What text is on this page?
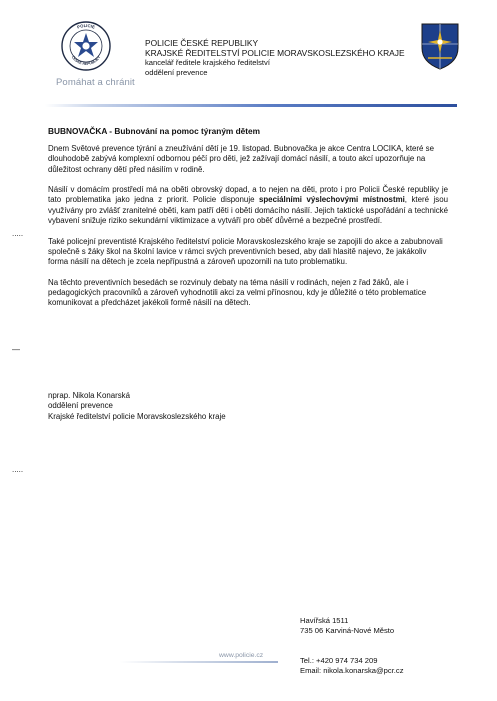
POLICIE
ČESKÉ REPUBLIKY
Pomáhat a chránit
POLICIE ČESKÉ REPUBLIKY
KRAJSKÉ ŘEDITELSTVÍ POLICIE MORAVSKOSLEZSKÉHO KRAJE
kancelář ředitele krajského ředitelství
oddělení prevence
BUBNOVAČKA - Bubnování na pomoc týraným dětem

Dnem Světové prevence týrání a zneužívání dětí je 19. listopad. Bubnovačka je akce Centra LOCIKA, které se dlouhodobě zabývá komplexní odbornou péčí pro děti, jež zažívají domácí násilí, a touto akcí upozorňuje na důležitost ochrany dětí před násilím v rodině.

Násilí v domácím prostředí má na oběti obrovský dopad, a to nejen na děti, proto i pro Policii České republiky je tato problematika jako jedna z priorit. Policie disponuje speciálními výslechovými místnostmi, které jsou využívány pro zvlášť zranitelné oběti, kam patří děti i oběti domácího násilí. Jejich taktické uspořádání a technické vybavení snižuje riziko sekundární viktimizace a vytváří pro oběť důvěrné a bezpečné prostředí.

Také policejní preventisté Krajského ředitelství policie Moravskoslezského kraje se zapojili do akce a zabubnovali společně s žáky škol na školní lavice v rámci svých preventivních besed, aby dali hlasitě najevo, že jakákoliv forma násilí na dětech je zcela nepřípustná a zároveň upozornili na tuto problematiku.

Na těchto preventivních besedách se rozvinuly debaty na téma násilí v rodinách, nejen z řad žáků, ale i pedagogických pracovníků a zároveň vyhodnotili akci za velmi přínosnou, kdy je důležité o této problematice komunikovat a předcházet jakékoli formě násilí na dětech.

.....
—
.....
nprap. Nikola Konarská
oddělení prevence
Krajské ředitelství policie Moravskoslezského kraje
Havířská 1511
735 06 Karviná-Nové Město
www.policie.cz
Tel.: +420 974 734 209
Email: nikola.konarska@pcr.cz
